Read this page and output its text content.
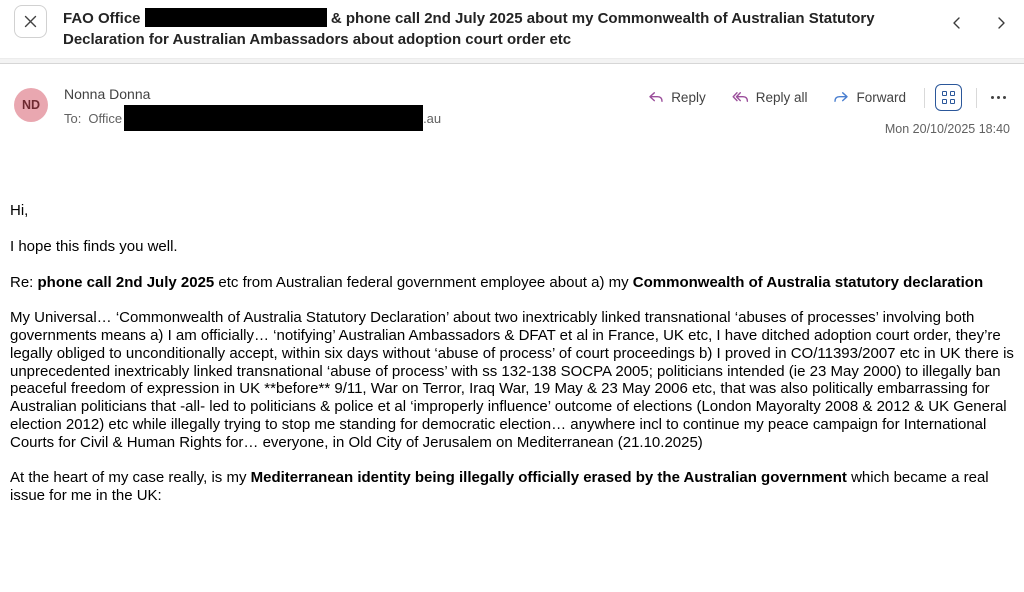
FAO Office	& phone call 2nd July 2025 about my Commonwealth of Australian Statutory Declaration for Australian Ambassadors about adoption court order etc
ND
Nonna Donna
To: Office	.au
Reply	Reply all	Forward
Mon 20/10/2025 18:40

Hi,

I hope this finds you well.

Re: phone call 2nd July 2025 etc from Australian federal government employee about a) my Commonwealth of Australia statutory declaration

My Universal… ‘Commonwealth of Australia Statutory Declaration’ about two inextricably linked transnational ‘abuses of processes’ involving both governments means a) I am officially… ‘notifying’ Australian Ambassadors & DFAT et al in France, UK etc, I have ditched adoption court order, they’re legally obliged to unconditionally accept, within six days without ‘abuse of process’ of court proceedings b) I proved in CO/11393/2007 etc in UK there is unprecedented inextricably linked transnational ‘abuse of process’ with ss 132-138 SOCPA 2005; politicians intended (ie 23 May 2000) to illegally ban peaceful freedom of expression in UK **before** 9/11, War on Terror, Iraq War, 19 May & 23 May 2006 etc, that was also politically embarrassing for Australian politicians that -all- led to politicians & police et al ‘improperly influence’ outcome of elections (London Mayoralty 2008 & 2012 & UK General election 2012) etc while illegally trying to stop me standing for democratic election… anywhere incl to continue my peace campaign for International Courts for Civil & Human Rights for… everyone, in Old City of Jerusalem on Mediterranean (21.10.2025)

At the heart of my case really, is my Mediterranean identity being illegally officially erased by the Australian government which became a real issue for me in the UK:
